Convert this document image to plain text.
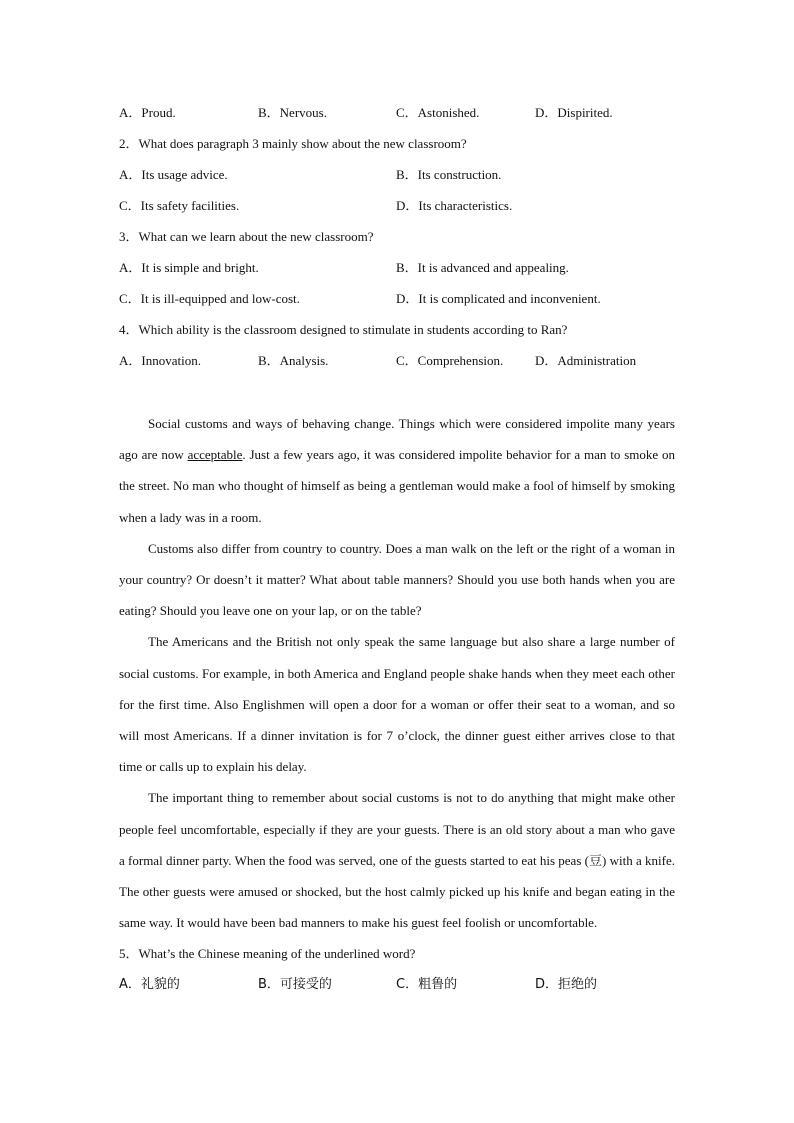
A．Proud.	B．Nervous.	C．Astonished.	D．Dispirited.
2．What does paragraph 3 mainly show about the new classroom?
A．Its usage advice.	B．Its construction.
C．Its safety facilities.	D．Its characteristics.
3．What can we learn about the new classroom?
A．It is simple and bright.	B．It is advanced and appealing.
C．It is ill-equipped and low-cost.	D．It is complicated and inconvenient.
4．Which ability is the classroom designed to stimulate in students according to Ran?
A．Innovation.	B．Analysis.	C．Comprehension. D．Administration

Social customs and ways of behaving change. Things which were considered impolite many years ago are now acceptable. Just a few years ago, it was considered impolite behavior for a man to smoke on the street. No man who thought of himself as being a gentleman would make a fool of himself by smoking when a lady was in a room.

Customs also differ from country to country. Does a man walk on the left or the right of a woman in your country? Or doesn’t it matter? What about table manners? Should you use both hands when you are eating? Should you leave one on your lap, or on the table?

The Americans and the British not only speak the same language but also share a large number of social customs. For example, in both America and England people shake hands when they meet each other for the first time. Also Englishmen will open a door for a woman or offer their seat to a woman, and so will most Americans. If a dinner invitation is for 7 o’clock, the dinner guest either arrives close to that time or calls up to explain his delay.

The important thing to remember about social customs is not to do anything that might make other people feel uncomfortable, especially if they are your guests. There is an old story about a man who gave a formal dinner party. When the food was served, one of the guests started to eat his peas (豆) with a knife. The other guests were amused or shocked, but the host calmly picked up his knife and began eating in the same way. It would have been bad manners to make his guest feel foolish or uncomfortable.

5．What’s the Chinese meaning of the underlined word?
A．礼貌的	B．可接受的	C．粗鲁的	D．拒绝的
